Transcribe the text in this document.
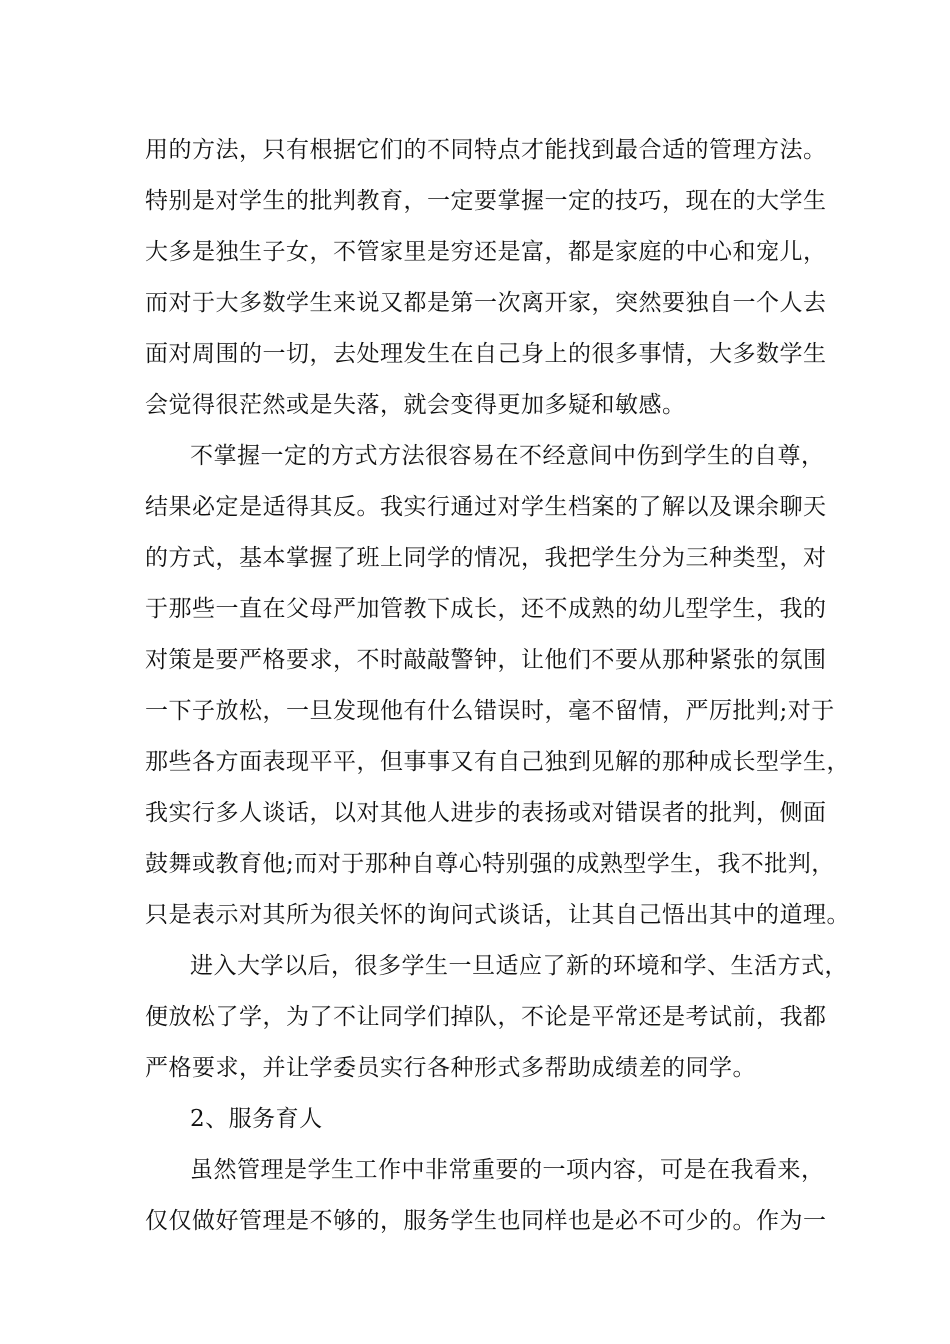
用的方法，只有根据它们的不同特点才能找到最合适的管理方法。
特别是对学生的批判教育，一定要掌握一定的技巧，现在的大学生
大多是独生子女，不管家里是穷还是富，都是家庭的中心和宠儿，
而对于大多数学生来说又都是第一次离开家，突然要独自一个人去
面对周围的一切，去处理发生在自己身上的很多事情，大多数学生
会觉得很茫然或是失落，就会变得更加多疑和敏感。
不掌握一定的方式方法很容易在不经意间中伤到学生的自尊，
结果必定是适得其反。我实行通过对学生档案的了解以及课余聊天
的方式，基本掌握了班上同学的情况，我把学生分为三种类型，对
于那些一直在父母严加管教下成长，还不成熟的幼儿型学生，我的
对策是要严格要求，不时敲敲警钟，让他们不要从那种紧张的氛围
一下子放松，一旦发现他有什么错误时，毫不留情，严厉批判;对于
那些各方面表现平平，但事事又有自己独到见解的那种成长型学生，
我实行多人谈话，以对其他人进步的表扬或对错误者的批判，侧面
鼓舞或教育他;而对于那种自尊心特别强的成熟型学生，我不批判，
只是表示对其所为很关怀的询问式谈话，让其自己悟出其中的道理。
进入大学以后，很多学生一旦适应了新的环境和学、生活方式，
便放松了学，为了不让同学们掉队，不论是平常还是考试前，我都
严格要求，并让学委员实行各种形式多帮助成绩差的同学。
2、服务育人
虽然管理是学生工作中非常重要的一项内容，可是在我看来，
仅仅做好管理是不够的，服务学生也同样也是必不可少的。作为一
